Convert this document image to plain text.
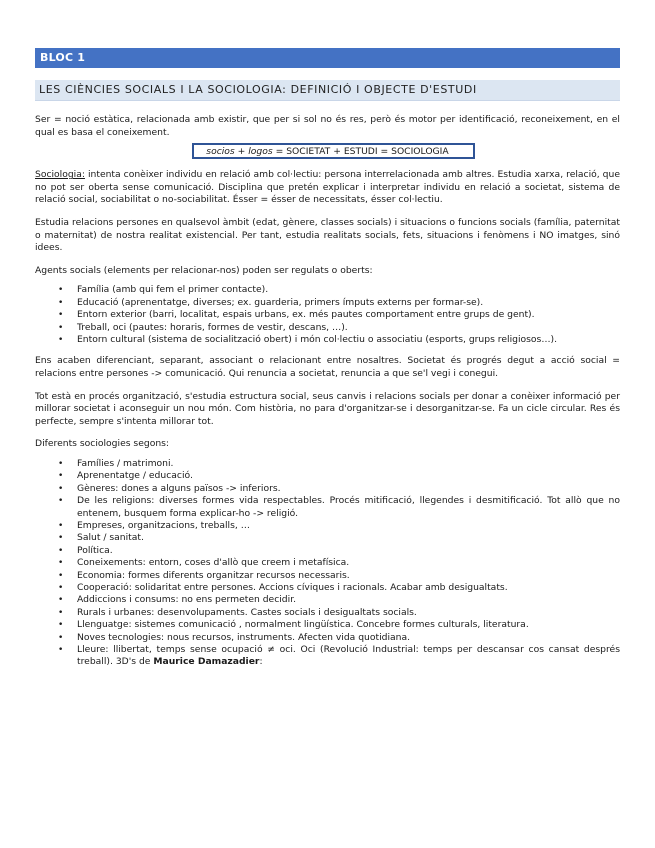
BLOC 1
LES CIÈNCIES SOCIALS I LA SOCIOLOGIA: DEFINICIÓ I OBJECTE D'ESTUDI

Ser = noció estàtica, relacionada amb existir, que per si sol no és res, però és motor per identificació, reconeixement, en el qual es basa el coneixement.

socios + logos = SOCIETAT + ESTUDI = SOCIOLOGIA

Sociologia: intenta conèixer individu en relació amb col·lectiu: persona interrelacionada amb altres. Estudia xarxa, relació, que no pot ser oberta sense comunicació. Disciplina que pretén explicar i interpretar individu en relació a societat, sistema de relació social, sociabilitat o no-sociabilitat. Ésser = ésser de necessitats, ésser col·lectiu.

Estudia relacions persones en qualsevol àmbit (edat, gènere, classes socials) i situacions o funcions socials (família, paternitat o maternitat) de nostra realitat existencial. Per tant, estudia realitats socials, fets, situacions i fenòmens i NO imatges, sinó idees.

Agents socials (elements per relacionar-nos) poden ser regulats o oberts:

• Família (amb qui fem el primer contacte).
• Educació (aprenentatge, diverses; ex. guarderia, primers ímputs externs per formar-se).
• Entorn exterior (barri, localitat, espais urbans, ex. més pautes comportament entre grups de gent).
• Treball, oci (pautes: horaris, formes de vestir, descans, …).
• Entorn cultural (sistema de socialització obert) i món col·lectiu o associatiu (esports, grups religiosos…).

Ens acaben diferenciant, separant, associant o relacionant entre nosaltres. Societat és progrés degut a acció social = relacions entre persones -> comunicació. Qui renuncia a societat, renuncia a que se'l vegi i conegui.

Tot està en procés organització, s'estudia estructura social, seus canvis i relacions socials per donar a conèixer informació per millorar societat i aconseguir un nou món. Com història, no para d'organitzar-se i desorganitzar-se. Fa un cicle circular. Res és perfecte, sempre s'intenta millorar tot.

Diferents sociologies segons:

• Famílies / matrimoni.
• Aprenentatge / educació.
• Gèneres: dones a alguns països -> inferiors.
• De les religions: diverses formes vida respectables. Procés mitificació, llegendes i desmitificació. Tot allò que no entenem, busquem forma explicar-ho -> religió.
• Empreses, organitzacions, treballs, …
• Salut / sanitat.
• Política.
• Coneixements: entorn, coses d'allò que creem i metafísica.
• Economia: formes diferents organitzar recursos necessaris.
• Cooperació: solidaritat entre persones. Accions cíviques i racionals. Acabar amb desigualtats.
• Addiccions i consums: no ens permeten decidir.
• Rurals i urbanes: desenvolupaments. Castes socials i desigualtats socials.
• Llenguatge: sistemes comunicació , normalment lingüística. Concebre formes culturals, literatura.
• Noves tecnologies: nous recursos, instruments. Afecten vida quotidiana.
• Lleure: llibertat, temps sense ocupació ≠ oci. Oci (Revolució Industrial: temps per descansar cos cansat després treball). 3D's de Maurice Damazadier:
